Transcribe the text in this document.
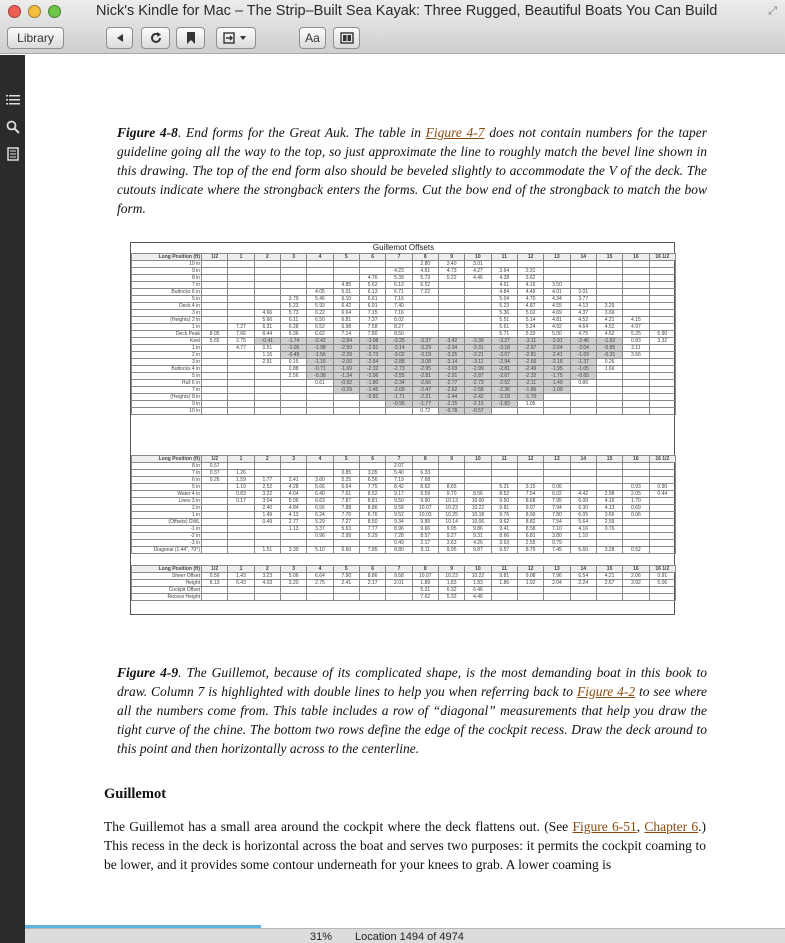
Nick's Kindle for Mac – The Strip–Built Sea Kayak: Three Rugged, Beautiful Boats You Can Build	⤢
Library	Aa

Figure 4-8. End forms for the Great Auk. The table in Figure 4-7 does not contain numbers for the taper guideline going all the way to the top, so just approximate the line to roughly match the bevel line shown in this drawing. The top of the end form also should be beveled slightly to accommodate the V of the deck. The cutouts indicate where the strongback enters the forms. Cut the bow end of the strongback to match the bow form.

Guillemot Offsets
Long Position (ft)	1/2	1	2	3	4	5	6	7	8	9	10	11	12	13	14	15	16	16 1/2
10 in									2.80	3.40	3.01							
9 in								4.23	4.61	4.73	4.27	3.64	2.31					
8 in							4.76	5.39	5.73	5.22	4.46	4.28	3.62					
7 in						4.85	5.62	6.13	6.52			4.61	4.16	3.50				
Buttocks 6 in					4.05	5.01	6.13	6.71	7.22			4.84	4.49	4.01	3.01			
5 in				3.79	5.46	6.10	6.61	7.16				5.04	4.70	4.34	3.77			
Deck 4 in				5.23	5.93	6.42	6.91	7.40				5.23	4.87	4.55	4.13	3.29		
3 in			4.66	5.73	6.22	6.64	7.15	7.16				5.36	5.02	4.69	4.37	3.69		
(Heights) 2 in			5.66	6.11	6.50	6.81	7.37	8.02				5.51	5.14	4.81	4.52	4.21	4.15	
1 in		7.27	6.31	6.28	6.52	6.98	7.58	8.27				5.61	5.24	4.92	4.64	4.52	4.97	
Deck Peak	8.05	7.66	6.44	6.36	6.62	7.14	7.80	8.50				5.71	5.33	5.00	4.75	4.62	5.25	5.90
Keel	5.65	2.75	-0.41	-1.74	-2.42	-2.84	-3.08	-3.25	-3.37	-3.42	-3.39	-3.27	-3.11	-2.91	-2.46	-1.62	0.83	3.32
1 in		4.77	0.51	-1.06	-1.98	-2.50	-2.91	-3.14	-3.29	-3.34	-3.31	-3.18	-2.97	-2.64	-2.04	-0.85	2.11	
2 in			1.16	-0.49	-1.56	-2.29	-2.73	-3.02	-3.19	-3.25	-3.21	-3.07	-2.81	-2.41	-1.69	-0.31	3.66	
3 in			2.91	0.15	-1.16	-2.00	-2.54	-2.88	-3.08	-3.14	-3.11	-2.94	-2.66	-2.18	-1.37	0.26		
Buttocks 4 in				0.88	-0.71	-1.69	-2.32	-2.73	-2.95	-3.03	-2.99	-2.81	-2.49	-1.95	-1.05	1.66		
5 in				2.56	-0.38	-1.34	-2.06	-2.55	-2.81	-2.91	-2.87	-2.67	-2.32	-1.75	-0.65			
Hull 6 in					0.61	-0.92	-1.80	-2.34	-2.66	-2.77	-2.73	-2.52	-2.11	-1.49	0.86			
7 in						-0.29	-1.45	-2.09	-2.47	-2.62	-2.58	-2.36	-1.86	-1.09				
(Heights) 8 in							-0.82	-1.71	-2.21	-2.44	-2.42	-2.18	-1.70					
9 in								-0.95	-1.77	-2.15	-2.15	-1.83	1.05					
10 in									0.72	-0.78	-0.57							
Long Position (ft)	1/2	1	2	3	4	5	6	7	8	9	10	11	12	13	14	15	16	16 1/2
8 in	0.57							2.07										
7 in	0.37	1.26				0.85	3.05	5.40	6.33									
6 in	0.26	1.59	1.77	2.41	3.60	5.25	6.56	7.19	7.68									
5 in		1.10	2.52	4.28	5.66	6.64	7.75	8.42	8.62	8.65		5.21	3.15	0.06			0.93	0.90
Water 4 in		0.83	3.22	4.04	6.40	7.61	8.52	9.17	9.59	9.70	8.56	8.52	7.54	6.02	4.42	2.98	2.05	0.44
Lines 3 in		0.17	3.04	5.06	6.63	7.87	8.81	9.50	9.90	10.13	10.00	9.50	8.68	7.95	6.00	4.16	1.70	
2 in			2.40	4.84	6.56	7.88	8.86	9.58	10.07	10.23	10.22	9.81	9.07	7.94	6.30	4.13	0.69	
1 in			1.49	4.13	6.24	7.70	8.76	9.52	10.03	10.25	10.18	9.76	8.99	7.80	6.05	3.66	0.06	
(Offsets) DWL			0.49	2.77	5.29	7.27	8.50	9.34	9.89	10.14	10.06	9.62	8.82	7.54	5.64	2.59		
-1 in				1.13	3.37	5.63	7.77	8.96	9.66	9.95	9.86	9.41	8.58	7.10	4.16	0.76		
-2 in					0.96	2.99	5.29	7.28	8.57	9.27	9.31	8.66	6.81	3.80	1.10			
-3 in								0.49	2.17	3.63	4.26	3.93	2.55	0.79				
Diagonal (1.44", 70°)			1.51	3.39	5.10	6.60	7.85	8.80	9.11	9.95	9.87	9.57	8.79	7.45	5.60	3.28	0.52	
Long Position (ft)	1/2	1	2	3	4	5	6	7	8	9	10	11	12	13	14	15	16	16 1/2
Sheer Offset	0.56	1.43	3.23	5.06	6.64	7.90	8.86	9.58	10.07	10.23	10.22	9.81	9.08	7.96	6.54	4.21	2.06	0.91
Height	8.13	6.43	4.03	3.20	2.75	2.41	2.17	2.01	1.89	1.83	1.83	1.86	1.92	2.04	2.24	2.67	3.92	5.06
Cockpit Offset									5.31	6.32	6.46							
Recess Height									7.62	5.32	4.46							

Figure 4-9. The Guillemot, because of its complicated shape, is the most demanding boat in this book to draw. Column 7 is highlighted with double lines to help you when referring back to Figure 4-2 to see where all the numbers come from. This table includes a row of “diagonal” measurements that help you draw the tight curve of the chine. The bottom two rows define the edge of the cockpit recess. Draw the deck around to this point and then horizontally across to the centerline.

Guillemot

The Guillemot has a small area around the cockpit where the deck flattens out. (See Figure 6-51, Chapter 6.) This recess in the deck is horizontal across the boat and serves two purposes: it permits the cockpit coaming to be lower, and it provides some contour underneath for your knees to grab. A lower coaming is

31% Location 1494 of 4974
